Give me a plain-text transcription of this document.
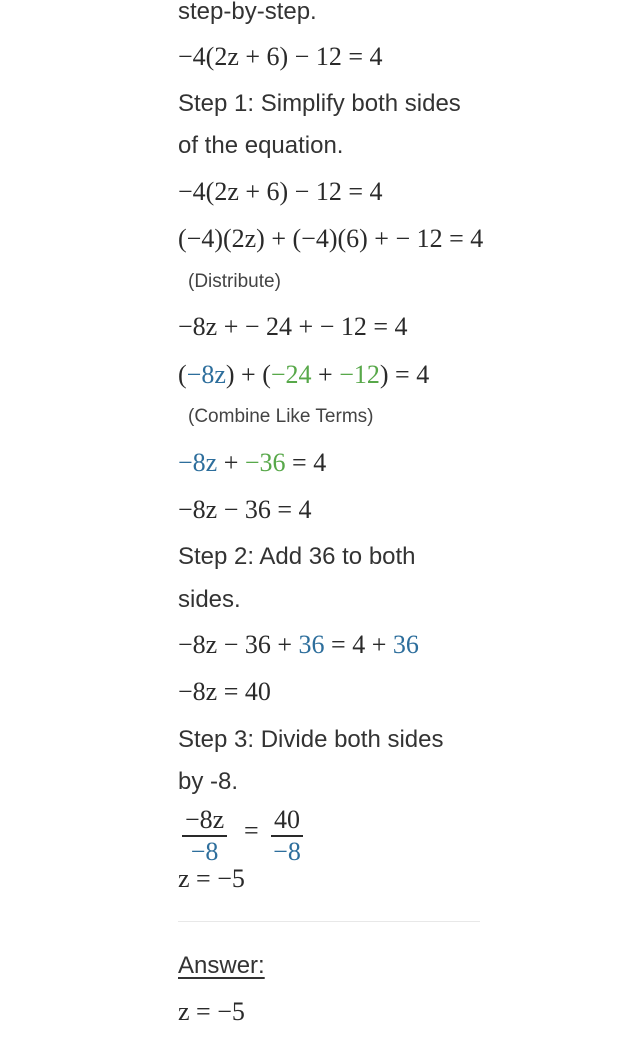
step-by-step.
−4(2z + 6) − 12 = 4
Step 1: Simplify both sides
of the equation.
−4(2z + 6) − 12 = 4
(−4)(2z) + (−4)(6) + − 12 = 4
(Distribute)
−8z + − 24 + − 12 = 4
(−8z) + (−24 + −12) = 4
(Combine Like Terms)
−8z + −36 = 4
−8z − 36 = 4
Step 2: Add 36 to both
sides.
−8z − 36 + 36 = 4 + 36
−8z = 40
Step 3: Divide both sides
by -8.
$\frac{-8z}{-8} = \frac{40}{-8}$
z = −5
Answer:
z = −5
